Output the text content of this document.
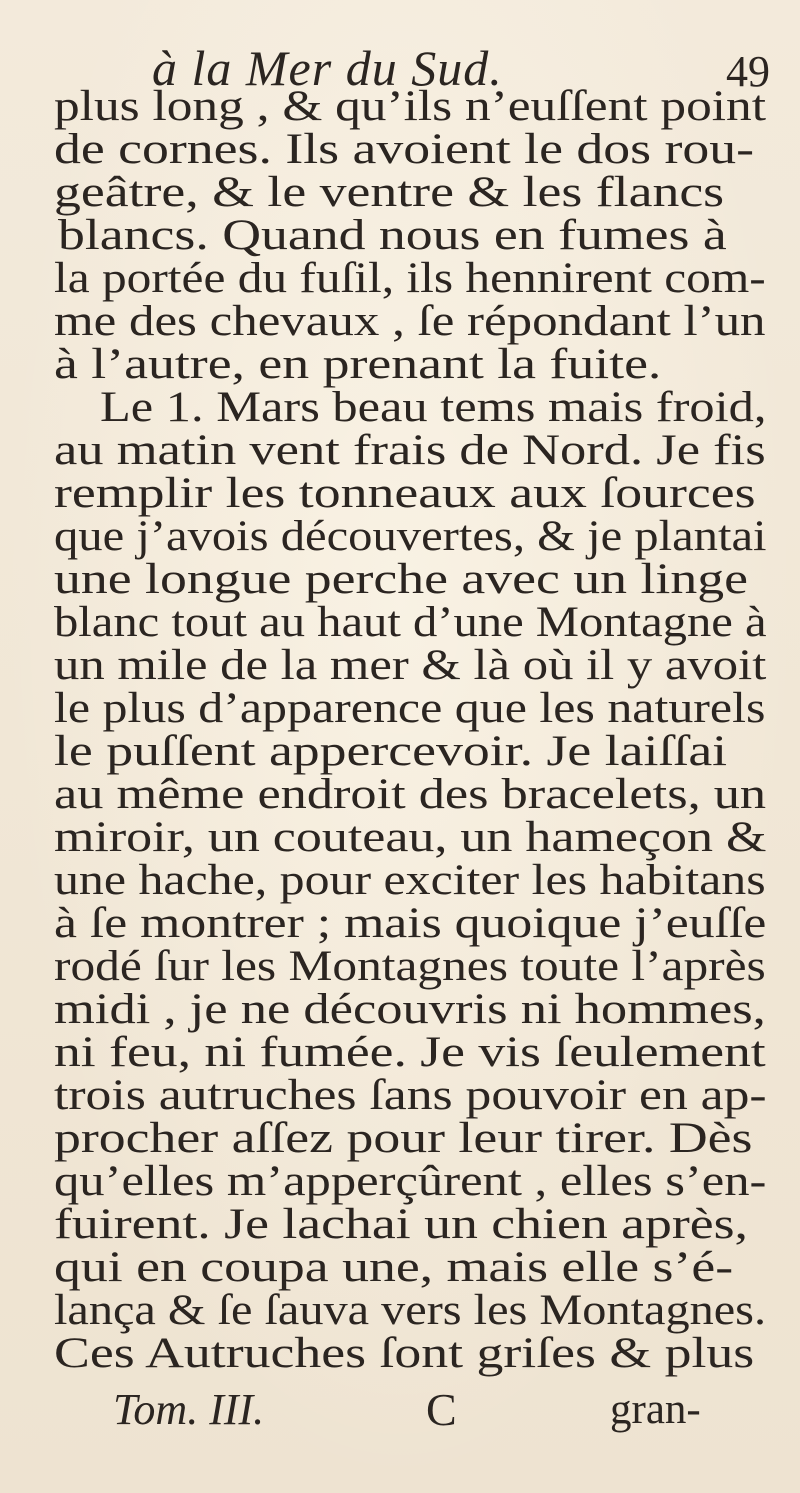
à la Mer du Sud.	49
plus long , & qu’ils n’euſſent point
de cornes. Ils avoient le dos rou-
geâtre, & le ventre & les flancs
blancs. Quand nous en fumes à
la portée du fuſil, ils hennirent com-
me des chevaux , ſe répondant l’un
à l’autre, en prenant la fuite.
Le 1. Mars beau tems mais froid,
au matin vent frais de Nord. Je fis
remplir les tonneaux aux ſources
que j’avois découvertes, & je plantai
une longue perche avec un linge
blanc tout au haut d’une Montagne à
un mile de la mer & là où il y avoit
le plus d’apparence que les naturels
le puſſent appercevoir. Je laiſſai
au même endroit des bracelets, un
miroir, un couteau, un hameçon &
une hache, pour exciter les habitans
à ſe montrer ; mais quoique j’euſſe
rodé ſur les Montagnes toute l’après
midi , je ne découvris ni hommes,
ni feu, ni fumée. Je vis ſeulement
trois autruches ſans pouvoir en ap-
procher aſſez pour leur tirer. Dès
qu’elles m’apperçûrent , elles s’en-
fuirent. Je lachai un chien après,
qui en coupa une, mais elle s’é-
lança & ſe ſauva vers les Montagnes.
Ces Autruches ſont griſes & plus
Tom. III.	C	gran-
